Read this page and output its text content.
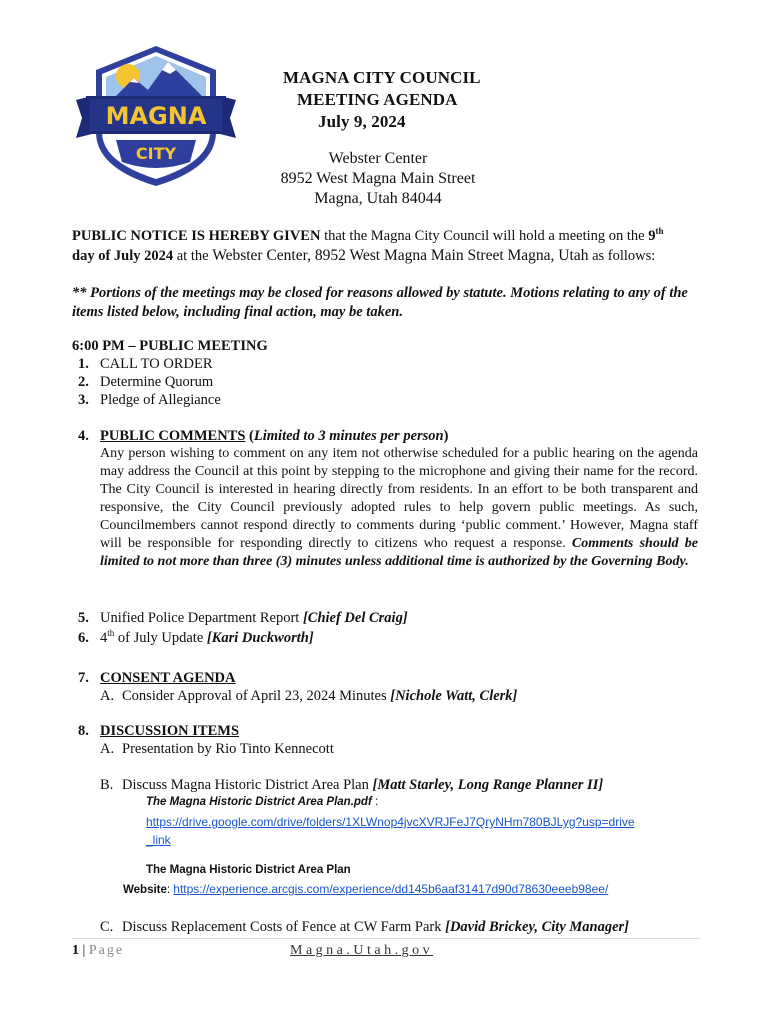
MAGNA
CITY
MAGNA CITY COUNCIL
MEETING AGENDA
July 9, 2024
Webster Center
8952 West Magna Main Street
Magna, Utah 84044
PUBLIC NOTICE IS HEREBY GIVEN that the Magna City Council will hold a meeting on the 9th
day of July 2024 at the Webster Center, 8952 West Magna Main Street Magna, Utah as follows:
** Portions of the meetings may be closed for reasons allowed by statute. Motions relating to any of the items listed below, including final action, may be taken.
6:00 PM – PUBLIC MEETING
1. CALL TO ORDER
2. Determine Quorum
3. Pledge of Allegiance
4. PUBLIC COMMENTS (Limited to 3 minutes per person)
Any person wishing to comment on any item not otherwise scheduled for a public hearing on the agenda may address the Council at this point by stepping to the microphone and giving their name for the record. The City Council is interested in hearing directly from residents. In an effort to be both transparent and responsive, the City Council previously adopted rules to help govern public meetings. As such, Councilmembers cannot respond directly to comments during ‘public comment.’ However, Magna staff will be responsible for responding directly to citizens who request a response. Comments should be limited to not more than three (3) minutes unless additional time is authorized by the Governing Body.
5. Unified Police Department Report [Chief Del Craig]
6. 4th of July Update [Kari Duckworth]
7. CONSENT AGENDA
A. Consider Approval of April 23, 2024 Minutes [Nichole Watt, Clerk]
8. DISCUSSION ITEMS
A. Presentation by Rio Tinto Kennecott
B. Discuss Magna Historic District Area Plan [Matt Starley, Long Range Planner II]
The Magna Historic District Area Plan.pdf :
https://drive.google.com/drive/folders/1XLWnop4jvcXVRJFeJ7QryNHm780BJLyg?usp=drive
_link
The Magna Historic District Area Plan
Website: https://experience.arcgis.com/experience/dd145b6aaf31417d90d78630eeeb98ee/
C. Discuss Replacement Costs of Fence at CW Farm Park [David Brickey, City Manager]
1 | Page	Magna.Utah.gov
